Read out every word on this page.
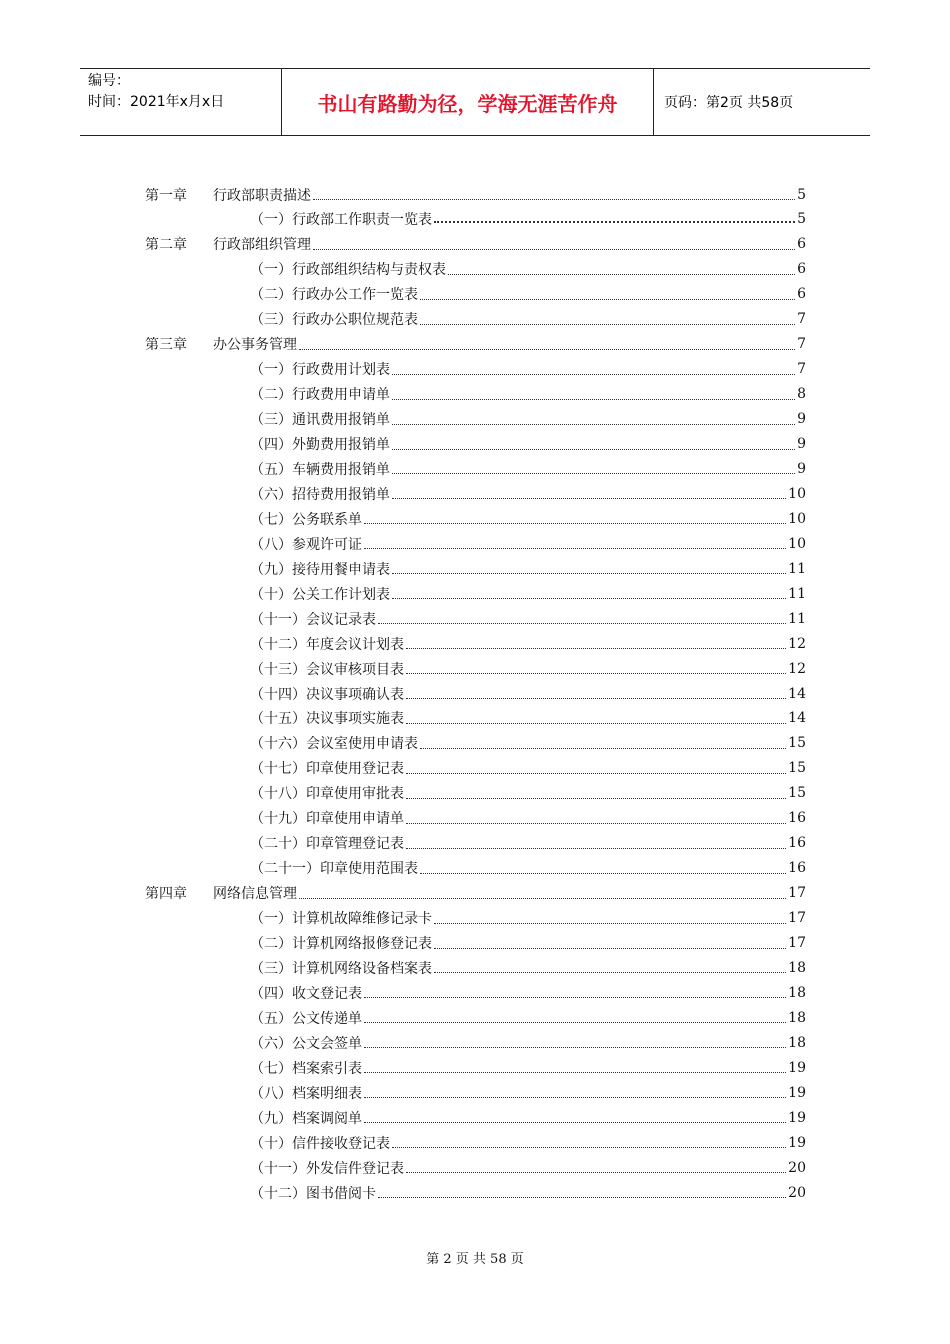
编号：
时间：2021年x月x日	书山有路勤为径，学海无涯苦作舟	页码：第2页 共58页
第一章 行政部职责描述	5
（一）行政部工作职责一览表	5
第二章 行政部组织管理	6
（一）行政部组织结构与责权表	6
（二）行政办公工作一览表	6
（三）行政办公职位规范表	7
第三章 办公事务管理	7
（一）行政费用计划表	7
（二）行政费用申请单	8
（三）通讯费用报销单	9
（四）外勤费用报销单	9
（五）车辆费用报销单	9
（六）招待费用报销单	10
（七）公务联系单	10
（八）参观许可证	10
（九）接待用餐申请表	11
（十）公关工作计划表	11
（十一）会议记录表	11
（十二）年度会议计划表	12
（十三）会议审核项目表	12
（十四）决议事项确认表	14
（十五）决议事项实施表	14
（十六）会议室使用申请表	15
（十七）印章使用登记表	15
（十八）印章使用审批表	15
（十九）印章使用申请单	16
（二十）印章管理登记表	16
（二十一）印章使用范围表	16
第四章 网络信息管理	17
（一）计算机故障维修记录卡	17
（二）计算机网络报修登记表	17
（三）计算机网络设备档案表	18
（四）收文登记表	18
（五）公文传递单	18
（六）公文会签单	18
（七）档案索引表	19
（八）档案明细表	19
（九）档案调阅单	19
（十）信件接收登记表	19
（十一）外发信件登记表	20
（十二）图书借阅卡	20
第 2 页 共 58 页
